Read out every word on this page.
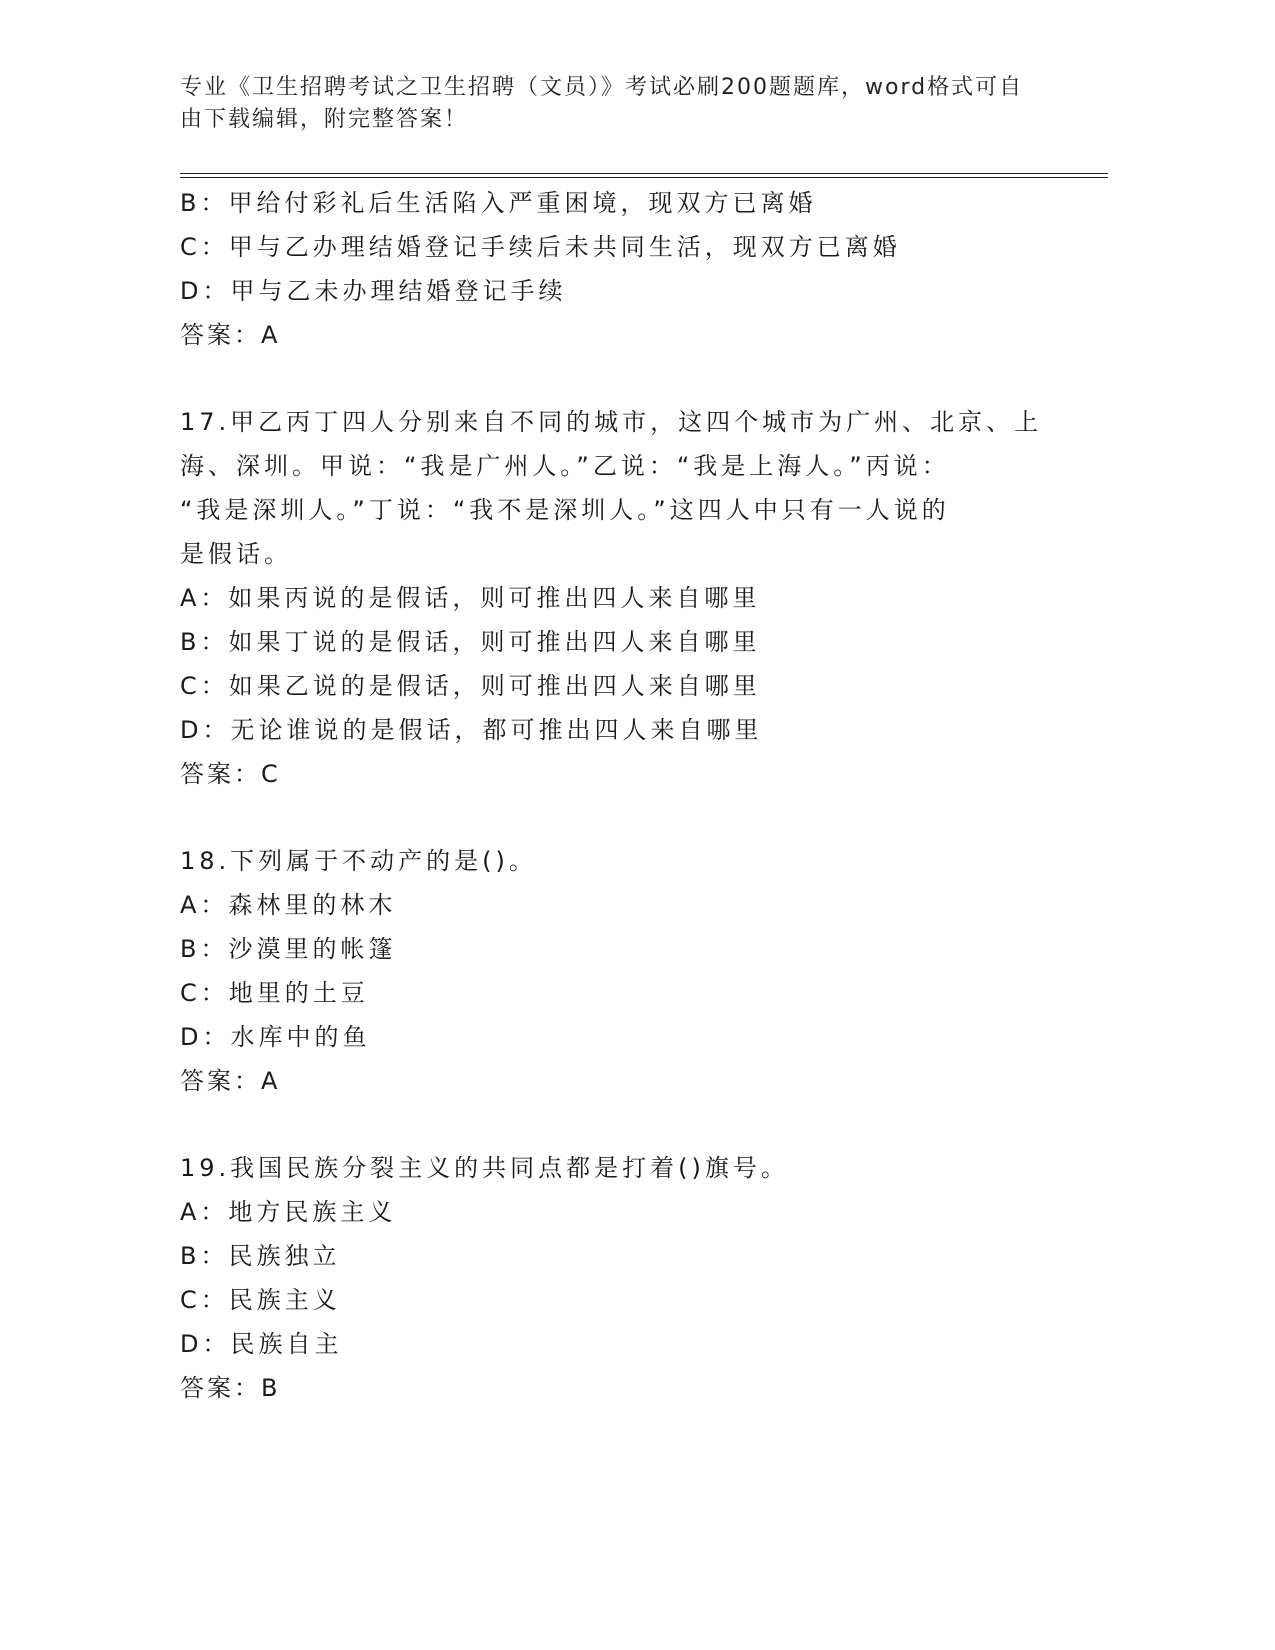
专业《卫生招聘考试之卫生招聘（文员）》考试必刷200题题库，word格式可自
由下载编辑，附完整答案！
B：甲给付彩礼后生活陷入严重困境，现双方已离婚
C：甲与乙办理结婚登记手续后未共同生活，现双方已离婚
D：甲与乙未办理结婚登记手续
答案：A
17.甲乙丙丁四人分别来自不同的城市，这四个城市为广州、北京、上
海、深圳。甲说：“我是广州人。”乙说：“我是上海人。”丙说：
“我是深圳人。”丁说：“我不是深圳人。”这四人中只有一人说的
是假话。
A：如果丙说的是假话，则可推出四人来自哪里
B：如果丁说的是假话，则可推出四人来自哪里
C：如果乙说的是假话，则可推出四人来自哪里
D：无论谁说的是假话，都可推出四人来自哪里
答案：C
18.下列属于不动产的是()。
A：森林里的林木
B：沙漠里的帐篷
C：地里的土豆
D：水库中的鱼
答案：A
19.我国民族分裂主义的共同点都是打着()旗号。
A：地方民族主义
B：民族独立
C：民族主义
D：民族自主
答案：B
